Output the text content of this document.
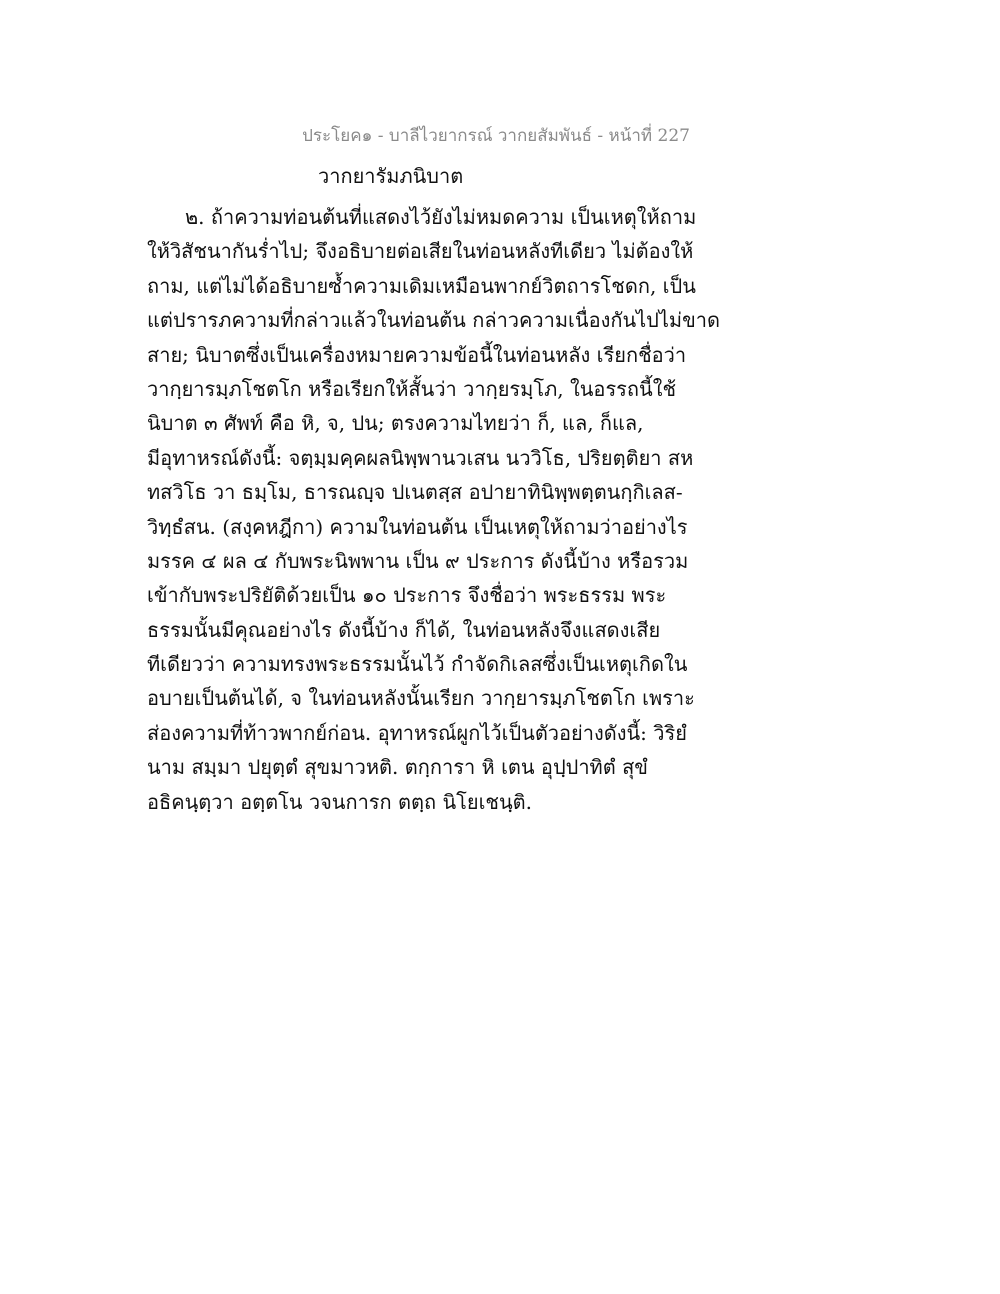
ประโยค๑ - บาลีไวยากรณ์ วากยสัมพันธ์ - หน้าที่ 227
วากยารัมภนิบาต
๒. ถ้าความท่อนต้นที่แสดงไว้ยังไม่หมดความ เป็นเหตุให้ถาม
ให้วิสัชนากันร่ำไป; จึงอธิบายต่อเสียในท่อนหลังทีเดียว ไม่ต้องให้
ถาม, แต่ไม่ได้อธิบายซ้ำความเดิมเหมือนพากย์วิตถารโชดก, เป็น
แต่ปรารภความที่กล่าวแล้วในท่อนต้น กล่าวความเนื่องกันไปไม่ขาด
สาย; นิบาตซึ่งเป็นเครื่องหมายความข้อนี้ในท่อนหลัง เรียกชื่อว่า
วากฺยารมฺภโชตโก หรือเรียกให้สั้นว่า วากฺยรมฺโภ, ในอรรถนี้ใช้
นิบาต ๓ ศัพท์ คือ หิ, จ, ปน; ตรงความไทยว่า ก็, แล, ก็แล,
มีอุทาหรณ์ดังนี้: จตฺมฺมคฺคผลนิพฺพานวเสน นววิโธ, ปริยตฺติยา สห
ทสวิโธ วา ธมฺโม, ธารณญฺจ ปเนตสฺส อปายาทินิพฺพตฺตนกฺกิเลส-
วิทฺธํสน. (สงฺคหฎีกา) ความในท่อนต้น เป็นเหตุให้ถามว่าอย่างไร
มรรค ๔ ผล ๔ กับพระนิพพาน เป็น ๙ ประการ ดังนี้บ้าง หรือรวม
เข้ากับพระปริยัติด้วยเป็น ๑๐ ประการ จึงชื่อว่า พระธรรม พระ
ธรรมนั้นมีคุณอย่างไร ดังนี้บ้าง ก็ได้, ในท่อนหลังจึงแสดงเสีย
ทีเดียวว่า ความทรงพระธรรมนั้นไว้ กำจัดกิเลสซึ่งเป็นเหตุเกิดใน
อบายเป็นต้นได้, จ ในท่อนหลังนั้นเรียก วากฺยารมฺภโชตโก เพราะ
ส่องความที่ท้าวพากย์ก่อน. อุทาหรณ์ผูกไว้เป็นตัวอย่างดังนี้: วิริยํ
นาม สมฺมา ปยุตฺตํ สุขมาวหติ. ตกฺการา หิ เตน อุปฺปาทิตํ สุขํ
อธิคนฺตฺวา อตฺตโน วจนการก ตตฺถ นิโยเชนฺติ.
